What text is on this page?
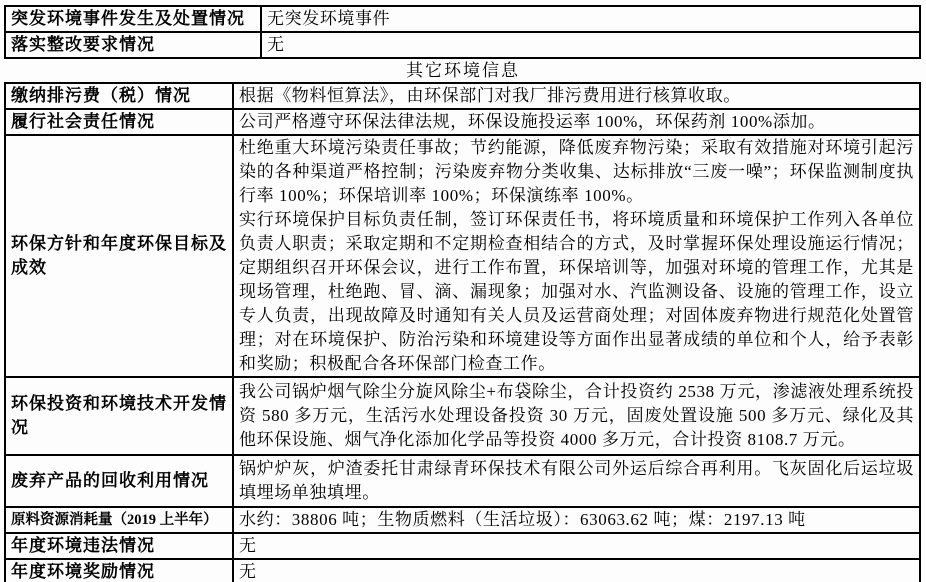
突发环境事件发生及处置情况	无突发环境事件
落实整改要求情况	无
其它环境信息
缴纳排污费（税）情况	根据《物料恒算法》，由环保部门对我厂排污费用进行核算收取。
履行社会责任情况	公司严格遵守环保法律法规，环保设施投运率 100%，环保药剂 100%添加。
环保方针和年度环保目标及成效	杜绝重大环境污染责任事故；节约能源，降低废弃物污染；采取有效措施对环境引起污染的各种渠道严格控制；污染废弃物分类收集、达标排放“三废一噪”；环保监测制度执行率 100%；环保培训率 100%；环保演练率 100%。

实行环境保护目标负责任制，签订环保责任书，将环境质量和环境保护工作列入各单位负责人职责；采取定期和不定期检查相结合的方式，及时掌握环保处理设施运行情况；定期组织召开环保会议，进行工作布置，环保培训等，加强对环境的管理工作，尤其是现场管理，杜绝跑、冒、滴、漏现象；加强对水、汽监测设备、设施的管理工作，设立专人负责，出现故障及时通知有关人员及运营商处理；对固体废弃物进行规范化处置管理；对在环境保护、防治污染和环境建设等方面作出显著成绩的单位和个人，给予表彰和奖励；积极配合各环保部门检查工作。

环保投资和环境技术开发情况	我公司锅炉烟气除尘分旋风除尘+布袋除尘，合计投资约 2538 万元，渗滤液处理系统投资 580 多万元，生活污水处理设备投资 30 万元，固废处置设施 500 多万元、绿化及其他环保设施、烟气净化添加化学品等投资 4000 多万元，合计投资 8108.7 万元。
废弃产品的回收利用情况	锅炉炉灰，炉渣委托甘肃绿青环保技术有限公司外运后综合再利用。飞灰固化后运垃圾填埋场单独填埋。
原料资源消耗量（2019 上半年）	水约：38806 吨；生物质燃料（生活垃圾）：63063.62 吨；煤：2197.13 吨
年度环境违法情况	无
年度环境奖励情况	无
